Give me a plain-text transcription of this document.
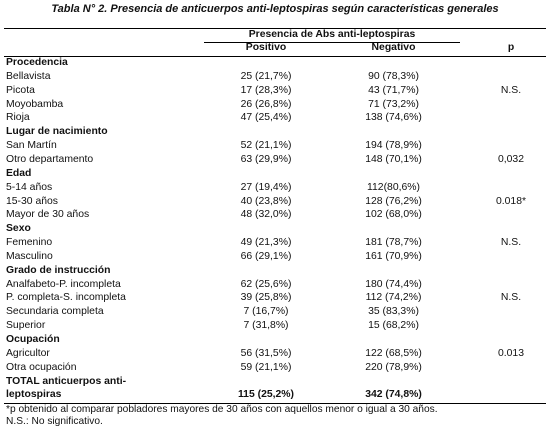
Tabla N° 2. Presencia de anticuerpos anti-leptospiras según características generales
Presencia de Abs anti-leptospiras
Positivo	Negativo	p
Procedencia
Bellavista	25 (21,7%)	90 (78,3%)
Picota	17 (28,3%)	43 (71,7%)	N.S.
Moyobamba	26 (26,8%)	71 (73,2%)
Rioja	47 (25,4%)	138 (74,6%)
Lugar de nacimiento
San Martín	52 (21,1%)	194 (78,9%)
Otro departamento	63 (29,9%)	148 (70,1%)	0,032
Edad
5-14 años	27 (19,4%)	112(80,6%)
15-30 años	40 (23,8%)	128 (76,2%)	0.018*
Mayor de 30 años	48 (32,0%)	102 (68,0%)
Sexo
Femenino	49 (21,3%)	181 (78,7%)	N.S.
Masculino	66 (29,1%)	161 (70,9%)
Grado de instrucción
Analfabeto-P. incompleta	62 (25,6%)	180 (74,4%)
P. completa-S. incompleta	39 (25,8%)	112 (74,2%)	N.S.
Secundaria completa	7 (16,7%)	35 (83,3%)
Superior	7 (31,8%)	15 (68,2%)
Ocupación
Agricultor	56 (31,5%)	122 (68,5%)	0.013
Otra ocupación	59 (21,1%)	220 (78,9%)
TOTAL anticuerpos anti-
leptospiras	115 (25,2%)	342 (74,8%)
*p obtenido al comparar pobladores mayores de 30 años con aquellos menor o igual a 30 años.
N.S.: No significativo.
